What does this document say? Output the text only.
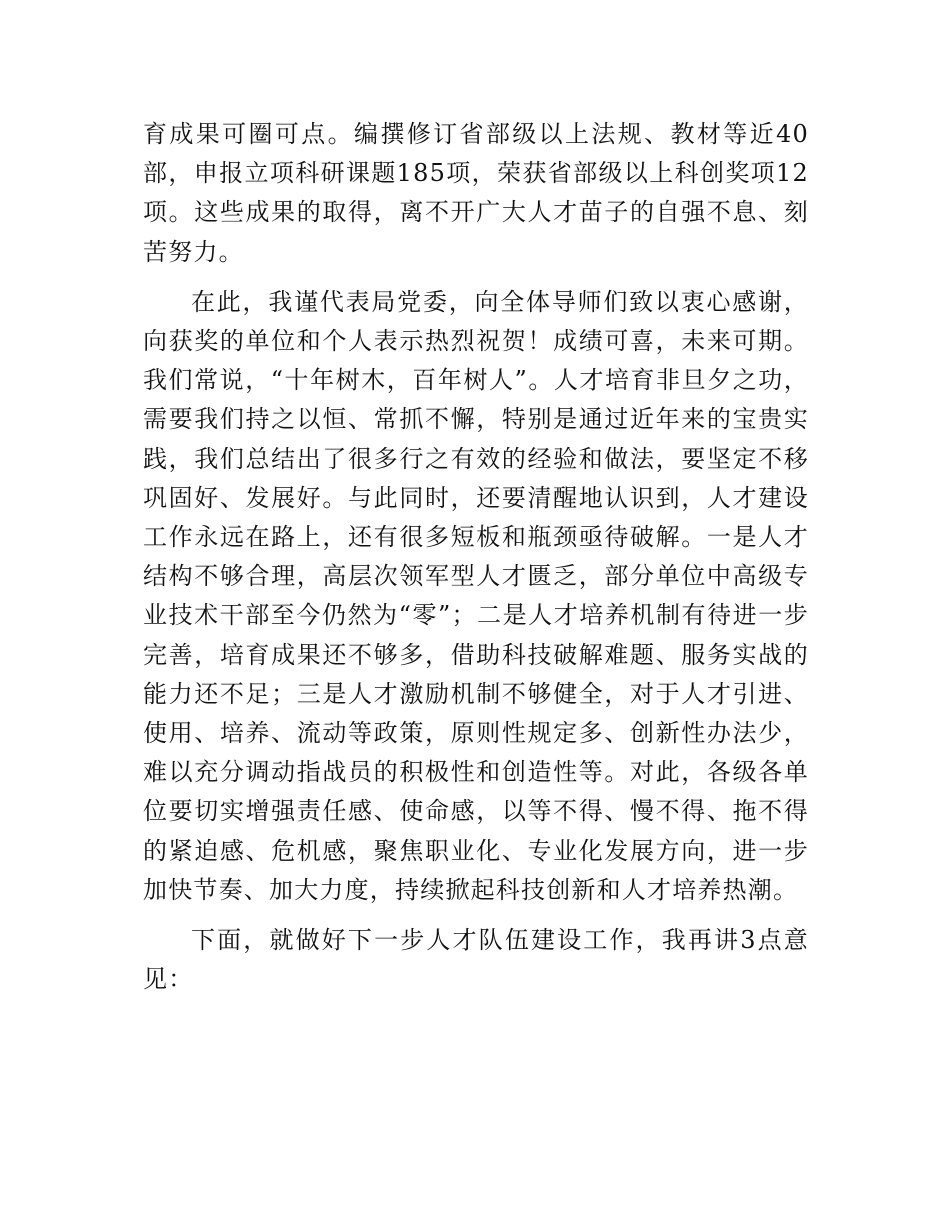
育成果可圈可点。编撰修订省部级以上法规、教材等近40部，申报立项科研课题185项，荣获省部级以上科创奖项12项。这些成果的取得，离不开广大人才苗子的自强不息、刻苦努力。

在此，我谨代表局党委，向全体导师们致以衷心感谢，向获奖的单位和个人表示热烈祝贺！成绩可喜，未来可期。我们常说，“十年树木，百年树人”。人才培育非旦夕之功，需要我们持之以恒、常抓不懈，特别是通过近年来的宝贵实践，我们总结出了很多行之有效的经验和做法，要坚定不移巩固好、发展好。与此同时，还要清醒地认识到，人才建设工作永远在路上，还有很多短板和瓶颈亟待破解。一是人才结构不够合理，高层次领军型人才匮乏，部分单位中高级专业技术干部至今仍然为“零”；二是人才培养机制有待进一步完善，培育成果还不够多，借助科技破解难题、服务实战的能力还不足；三是人才激励机制不够健全，对于人才引进、使用、培养、流动等政策，原则性规定多、创新性办法少，难以充分调动指战员的积极性和创造性等。对此，各级各单位要切实增强责任感、使命感，以等不得、慢不得、拖不得的紧迫感、危机感，聚焦职业化、专业化发展方向，进一步加快节奏、加大力度，持续掀起科技创新和人才培养热潮。

下面，就做好下一步人才队伍建设工作，我再讲3点意见：
